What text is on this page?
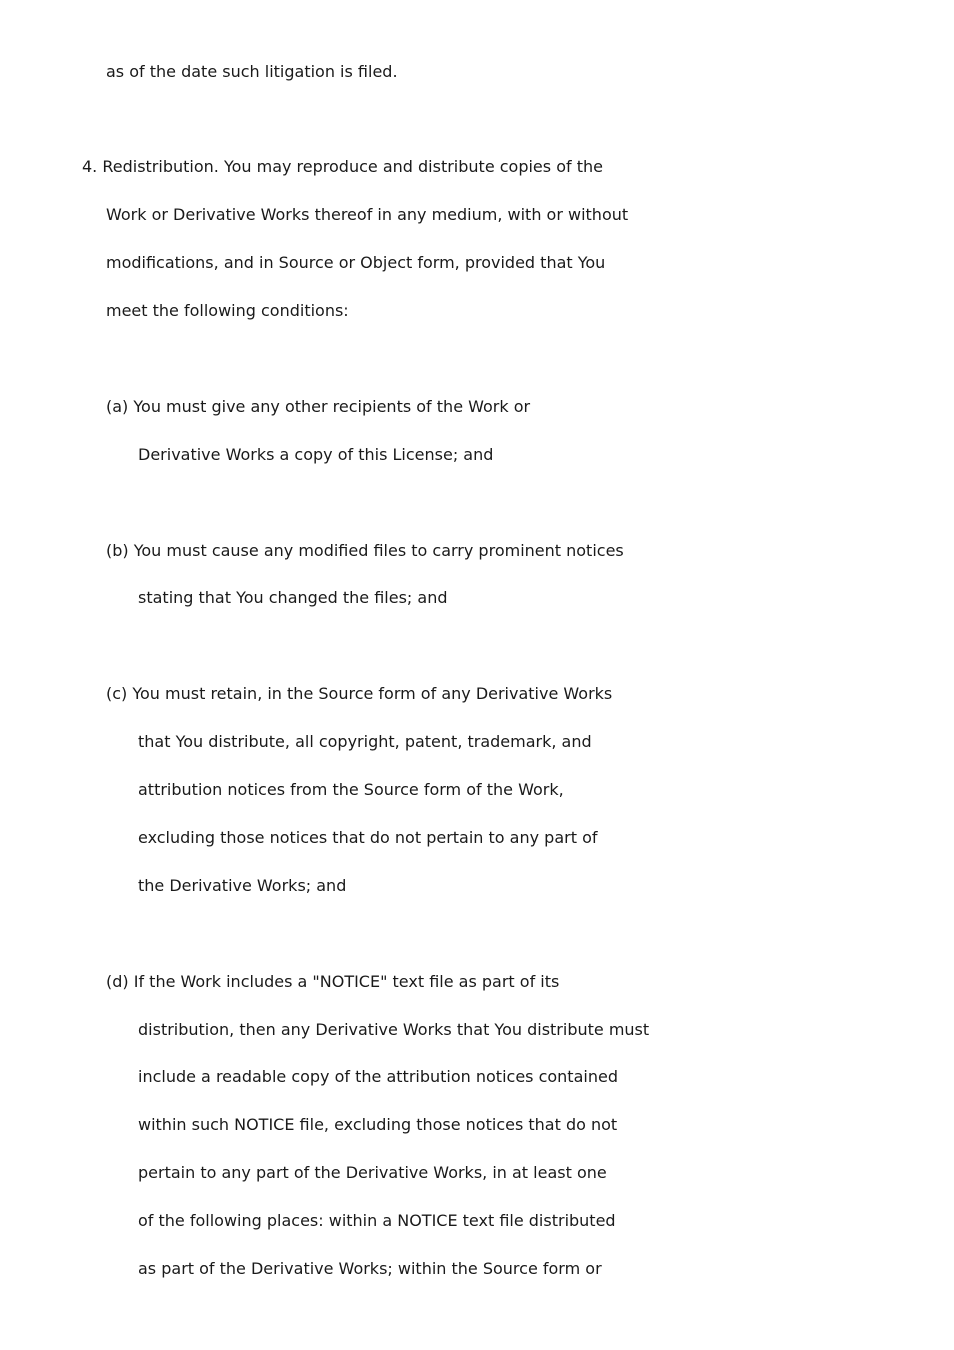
as of the date such litigation is filed.
4. Redistribution. You may reproduce and distribute copies of the
Work or Derivative Works thereof in any medium, with or without
modifications, and in Source or Object form, provided that You
meet the following conditions:
(a) You must give any other recipients of the Work or
Derivative Works a copy of this License; and
(b) You must cause any modified files to carry prominent notices
stating that You changed the files; and
(c) You must retain, in the Source form of any Derivative Works
that You distribute, all copyright, patent, trademark, and
attribution notices from the Source form of the Work,
excluding those notices that do not pertain to any part of
the Derivative Works; and
(d) If the Work includes a "NOTICE" text file as part of its
distribution, then any Derivative Works that You distribute must
include a readable copy of the attribution notices contained
within such NOTICE file, excluding those notices that do not
pertain to any part of the Derivative Works, in at least one
of the following places: within a NOTICE text file distributed
as part of the Derivative Works; within the Source form or
